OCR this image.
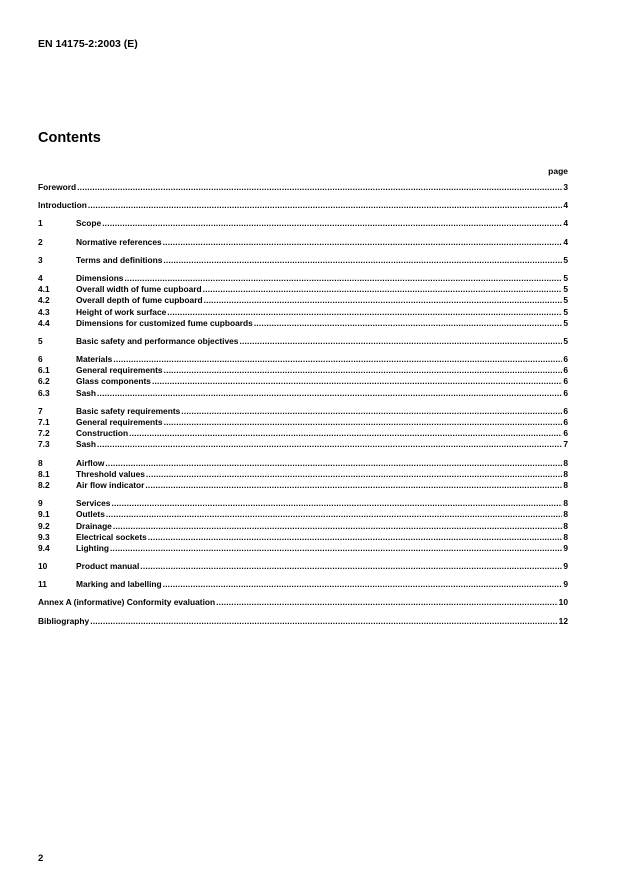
EN 14175-2:2003 (E)
Contents
page
Foreword .....	3
Introduction .....	4
1	Scope .....	4
2	Normative references .....	4
3	Terms and definitions .....	5
4	Dimensions .....	5
4.1	Overall width of fume cupboard .....	5
4.2	Overall depth of fume cupboard .....	5
4.3	Height of work surface .....	5
4.4	Dimensions for customized fume cupboards .....	5
5	Basic safety and performance objectives .....	5
6	Materials .....	6
6.1	General requirements .....	6
6.2	Glass components .....	6
6.3	Sash .....	6
7	Basic safety requirements .....	6
7.1	General requirements .....	6
7.2	Construction .....	6
7.3	Sash .....	7
8	Airflow .....	8
8.1	Threshold values .....	8
8.2	Air flow indicator .....	8
9	Services .....	8
9.1	Outlets .....	8
9.2	Drainage .....	8
9.3	Electrical sockets .....	8
9.4	Lighting .....	9
10	Product manual .....	9
11	Marking and labelling .....	9
Annex A (informative) Conformity evaluation .....	10
Bibliography .....	12
2
